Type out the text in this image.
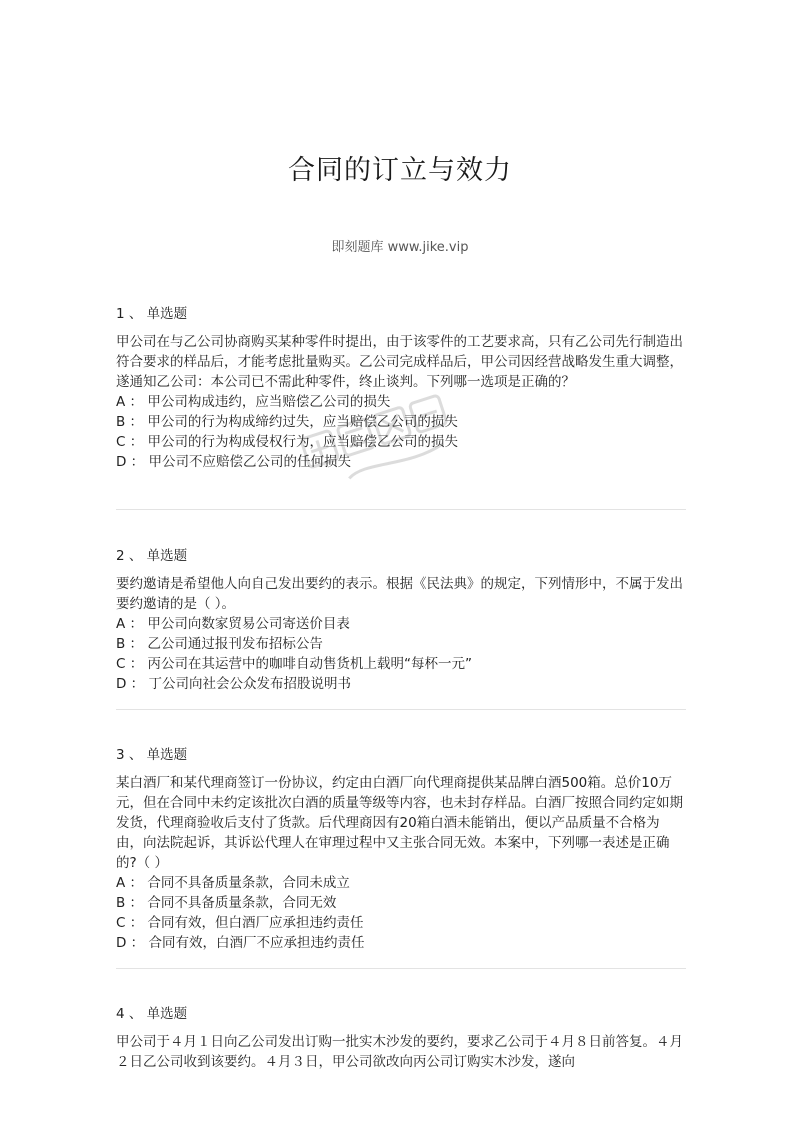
合同的订立与效力
即刻题库 www.jike.vip
1 、 单选题

甲公司在与乙公司协商购买某种零件时提出，由于该零件的工艺要求高，只有乙公司先行制造出符合要求的样品后，才能考虑批量购买。乙公司完成样品后，甲公司因经营战略发生重大调整，遂通知乙公司：本公司已不需此种零件，终止谈判。下列哪一选项是正确的？

A ： 甲公司构成违约，应当赔偿乙公司的损失
B ： 甲公司的行为构成缔约过失，应当赔偿乙公司的损失
C ： 甲公司的行为构成侵权行为，应当赔偿乙公司的损失
D ： 甲公司不应赔偿乙公司的任何损失
2 、 单选题

要约邀请是希望他人向自己发出要约的表示。根据《民法典》的规定，下列情形中，不属于发出要约邀请的是（ ）。

A ： 甲公司向数家贸易公司寄送价目表
B ： 乙公司通过报刊发布招标公告
C ： 丙公司在其运营中的咖啡自动售货机上载明“每杯一元”
D ： 丁公司向社会公众发布招股说明书
3 、 单选题

某白酒厂和某代理商签订一份协议，约定由白酒厂向代理商提供某品牌白酒500箱。总价10万元，但在合同中未约定该批次白酒的质量等级等内容，也未封存样品。白酒厂按照合同约定如期发货，代理商验收后支付了货款。后代理商因有20箱白酒未能销出，便以产品质量不合格为由，向法院起诉，其诉讼代理人在审理过程中又主张合同无效。本案中，下列哪一表述是正确的?（ ）

A ： 合同不具备质量条款，合同未成立
B ： 合同不具备质量条款，合同无效
C ： 合同有效，但白酒厂应承担违约责任
D ： 合同有效，白酒厂不应承担违约责任
4 、 单选题

甲公司于４月１日向乙公司发出订购一批实木沙发的要约，要求乙公司于４月８日前答复。４月２日乙公司收到该要约。４月３日，甲公司欲改向丙公司订购实木沙发，遂向
